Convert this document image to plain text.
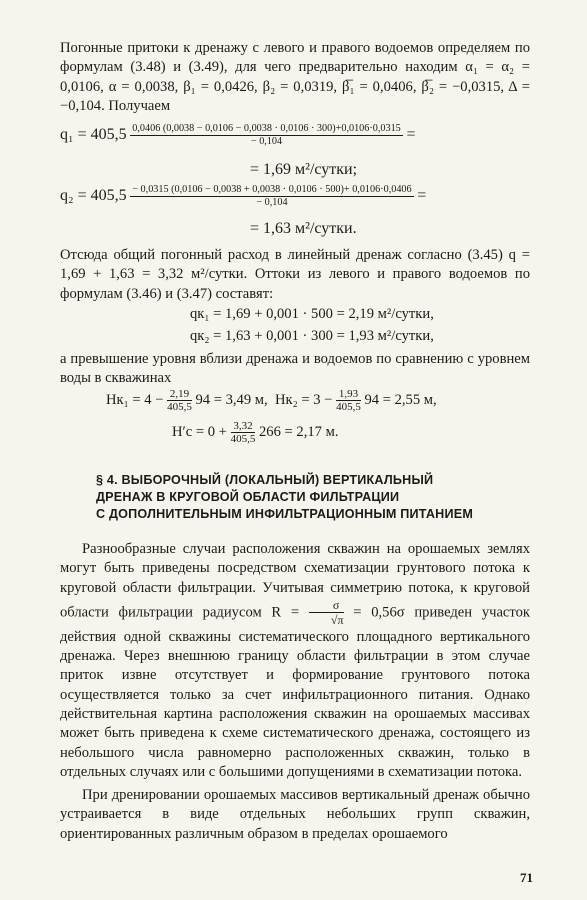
Погонные притоки к дренажу с левого и правого водоемов определяем по формулам (3.48) и (3.49), для чего предварительно находим α₁ = α₂ = 0,0106, α = 0,0038, β₁ = 0,0426, β₂ = 0,0319, β̅₁ = 0,0406, β̅₂ = −0,0315, Δ = −0,104. Получаем

q₁ = 405,5 0,0406 (0,0038 − 0,0106 − 0,0038 · 0,0106 · 300)+0,0106·0,0315
− 0,104	=
= 1,69 м²/сутки;
q₂ = 405,5 − 0,0315 (0,0106 − 0,0038 + 0,0038 · 0,0106 · 500)+ 0,0106·0,0406
− 0,104	=
= 1,63 м²/сутки.

Отсюда общий погонный расход в линейный дренаж согласно (3.45) q = 1,69 + 1,63 = 3,32 м²/сутки. Оттоки из левого и правого водоемов по формулам (3.46) и (3.47) составят:

qк₁ = 1,69 + 0,001 · 500 = 2,19 м²/сутки,
qк₂ = 1,63 + 0,001 · 300 = 1,93 м²/сутки,

а превышение уровня вблизи дренажа и водоемов по сравнению с уровнем воды в скважинах

$Hк_1 = 4 - \frac{2,19}{405,5} 94 = 3,49$ м, $Hк_2 = 3 - \frac{1,93}{405,5} 94 = 2,55$ м,
$H'c = 0 + \frac{3,32}{405,5} 266 = 2,17$ м.
§ 4. ВЫБОРОЧНЫЙ (ЛОКАЛЬНЫЙ) ВЕРТИКАЛЬНЫЙ
ДРЕНАЖ В КРУГОВОЙ ОБЛАСТИ ФИЛЬТРАЦИИ
С ДОПОЛНИТЕЛЬНЫМ ИНФИЛЬТРАЦИОННЫМ ПИТАНИЕМ

Разнообразные случаи расположения скважин на орошаемых землях могут быть приведены посредством схематизации грунтового потока к круговой области фильтрации. Учитывая симметрию потока, к круговой области фильтрации радиусом $R = \frac{\sigma}{√\pi} = 0,56\sigma$ приведен участок действия одной скважины систематического площадного вертикального дренажа. Через внешнюю границу области фильтрации в этом случае приток извне отсутствует и формирование грунтового потока осуществляется только за счет инфильтрационного питания. Однако действительная картина расположения скважин на орошаемых массивах может быть приведена к схеме систематического дренажа, состоящего из небольшого числа равномерно расположенных скважин, только в отдельных случаях или с большими допущениями в схематизации потока.

При дренировании орошаемых массивов вертикальный дренаж обычно устраивается в виде отдельных небольших групп скважин, ориентированных различным образом в пределах орошаемого

71
